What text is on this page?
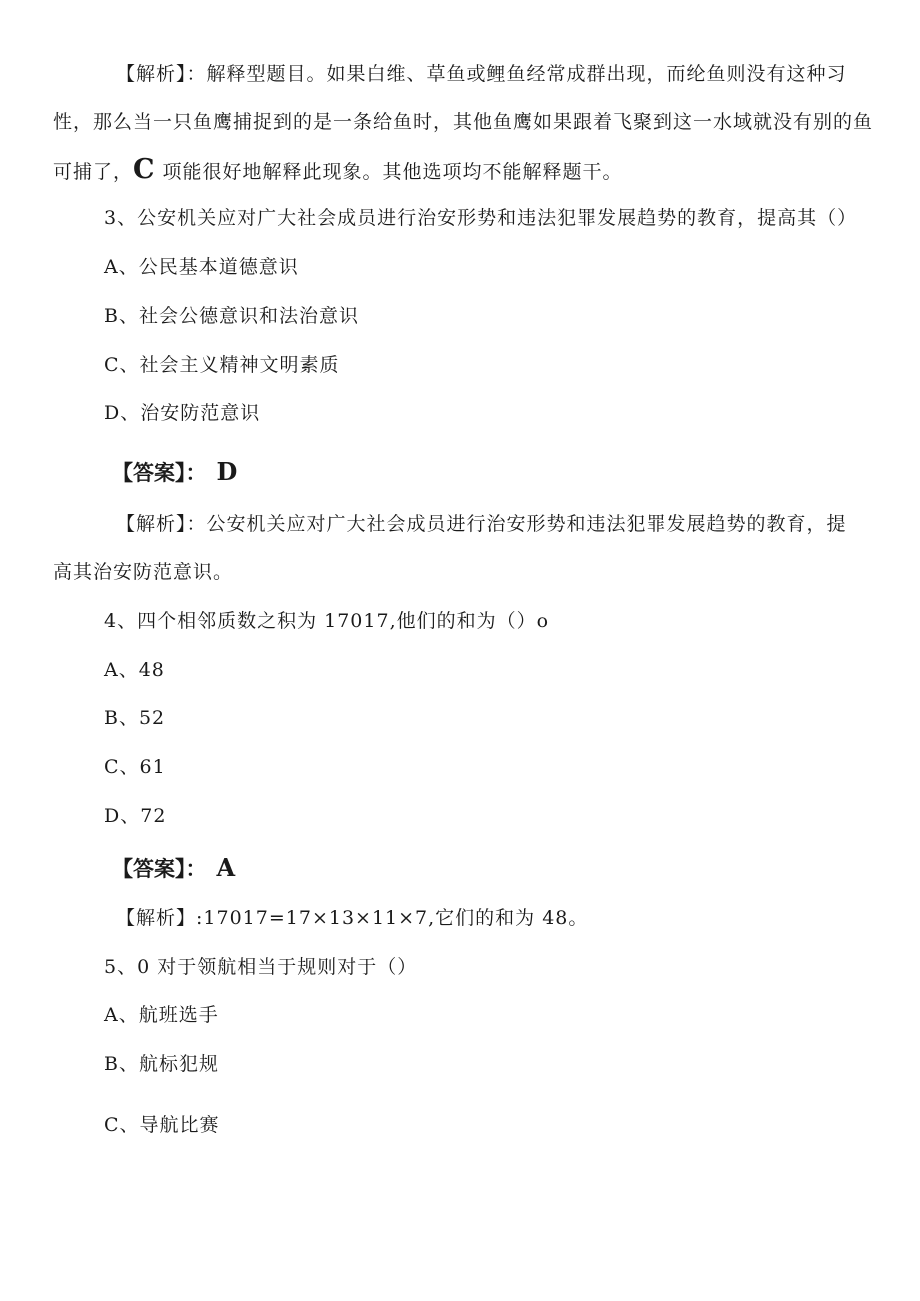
【解析】：解释型题目。如果白维、草鱼或鲤鱼经常成群出现，而纶鱼则没有这种习
性，那么当一只鱼鹰捕捉到的是一条给鱼时，其他鱼鹰如果跟着飞聚到这一水域就没有别的鱼
可捕了，C 项能很好地解释此现象。其他选项均不能解释题干。
3、公安机关应对广大社会成员进行治安形势和违法犯罪发展趋势的教育，提高其（）
A、公民基本道德意识
B、社会公德意识和法治意识
C、社会主义精神文明素质
D、治安防范意识
【答案】： D
【解析】：公安机关应对广大社会成员进行治安形势和违法犯罪发展趋势的教育，提
高其治安防范意识。
4、四个相邻质数之积为 17017,他们的和为（）o
A、48
B、52
C、61
D、72
【答案】： A
【解析】:17017=17×13×11×7,它们的和为 48。
5、0 对于领航相当于规则对于（）
A、航班选手
B、航标犯规
C、导航比赛
